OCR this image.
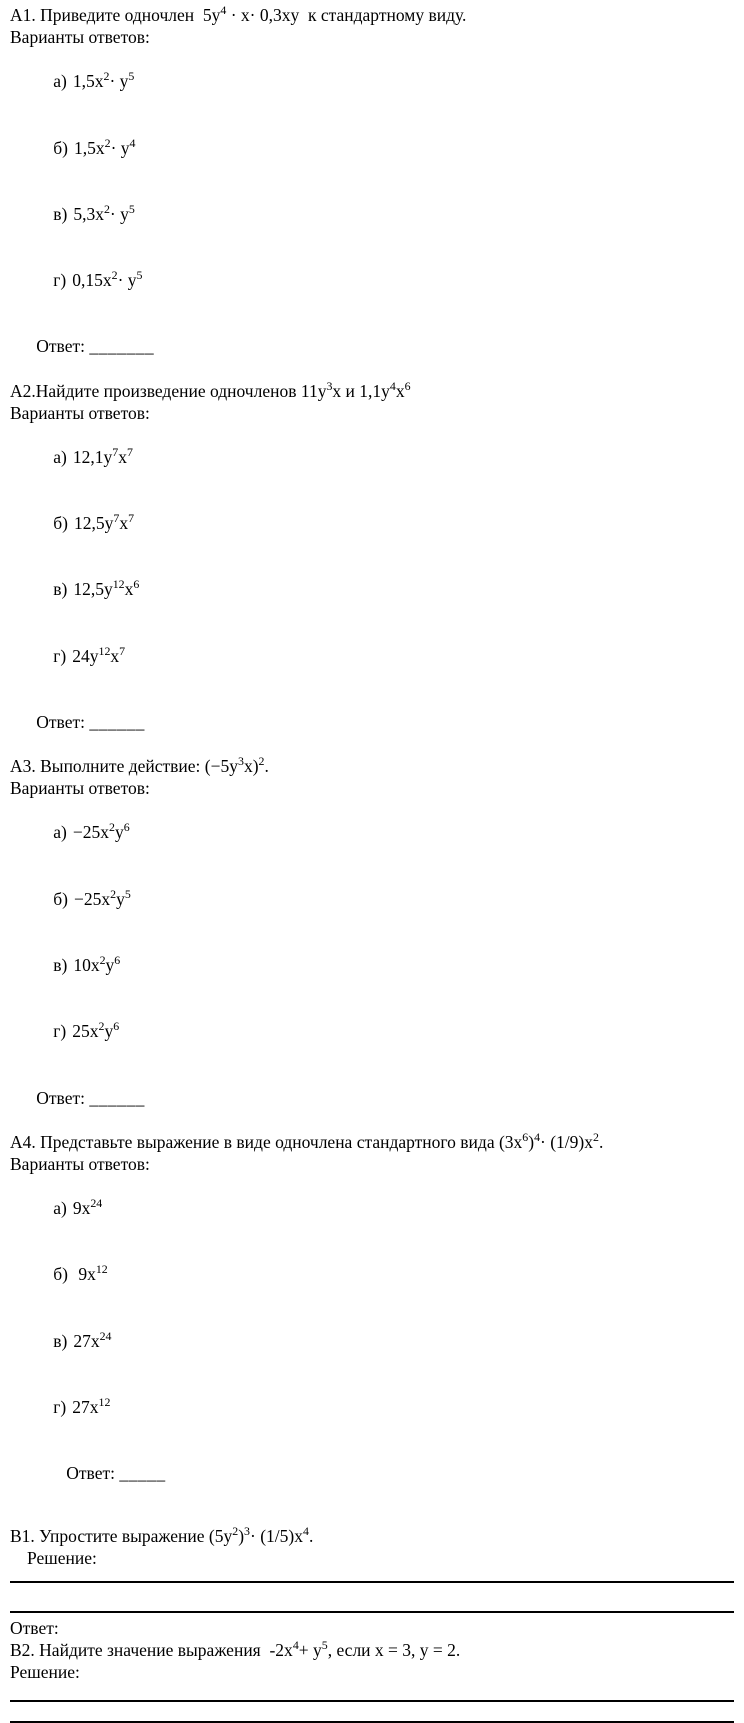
А1. Приведите одночлен  $5y^4 \cdot x\cdot 0,3xy$  к стандартному виду.
Варианты ответов:

а) $1,5x^2\cdot y^5$

б) $1,5x^2\cdot y^4$

в) $5,3x^2\cdot y^5$

г) $0,15x^2\cdot y^5$

Ответ: _______

А2.Найдите произведение одночленов $11y^3x$ и $1,1y^4x^6$
Варианты ответов:

а) $12,1y^7x^7$

б) $12,5y^7x^7$

в) $12,5y^{12}x^6$

г) $24y^{12}x^7$

Ответ: ______

А3. Выполните действие: $(-5y^3x)^2$.
Варианты ответов:

$а) -25x^2y^6$

$б) -25x^2y^5$

в) $10x^2y^6$

г) $25x^2y^6$

Ответ: ______

А4. Представьте выражение в виде одночлена стандартного вида $(3x^6)^4\cdot (1/9)x^2$.
Варианты ответов:

а) $9x^{24}$

б) $9x^{12}$

в) $27x^{24}$

г) $27x^{12}$

Ответ: _____

В1. Упростите выражение $(5y^2)^3\cdot (1/5)x^4$.
Решение:
Ответ:
В2. Найдите значение выражения  $-2x^4+ y^5$, если x = 3, y = 2.
Решение:
